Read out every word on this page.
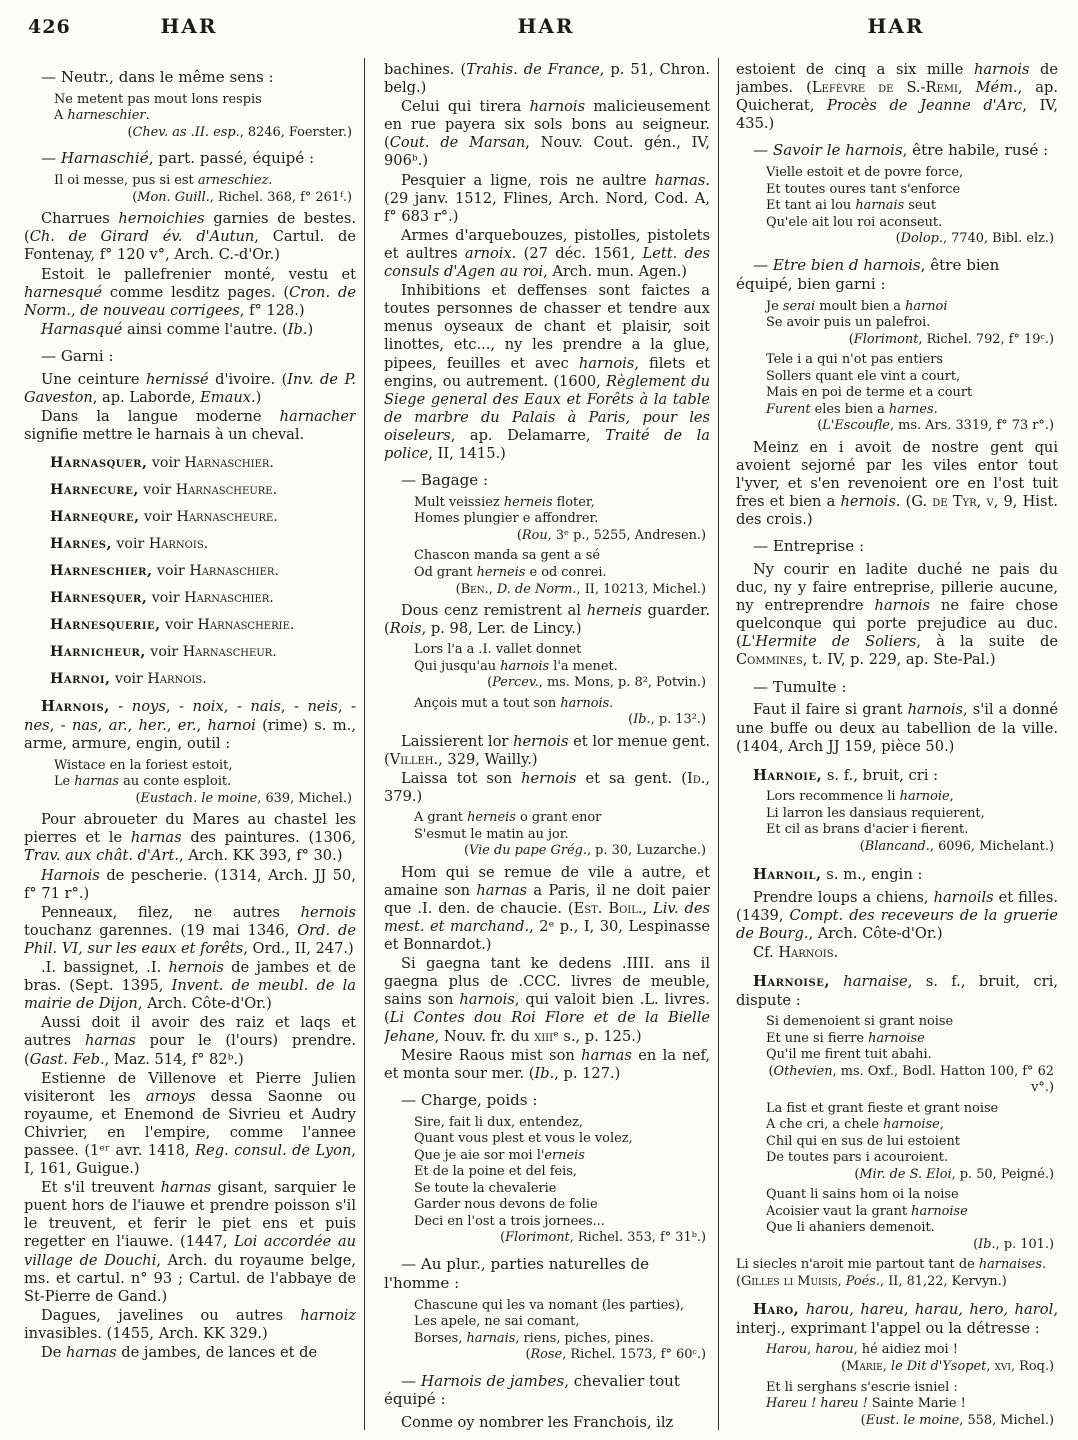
426	HAR	HAR	HAR
— Neutr., dans le même sens :
Ne metent pas mout lons respis
A harneschier.
(Chev. as .II. esp., 8246, Foerster.)
— Harnaschié, part. passé, équipé :
Il oi messe, pus si est arneschiez.
(Mon. Guill., Richel. 368, f° 261ᶠ.)
Charrues hernoichies garnies de bestes. (Ch. de Girard év. d'Autun, Cartul. de Fontenay, f° 120 v°, Arch. C.-d'Or.)
Estoit le pallefrenier monté, vestu et harnesqué comme lesditz pages. (Cron. de Norm., de nouveau corrigees, f° 128.)
Harnasqué ainsi comme l'autre. (Ib.)
— Garni :
Une ceinture hernissé d'ivoire. (Inv. de P. Gaveston, ap. Laborde, Emaux.)
Dans la langue moderne harnacher signifie mettre le harnais à un cheval.
Harnasquer, voir Harnaschier.
Harnecure, voir Harnascheure.
Harnequre, voir Harnascheure.
Harnes, voir Harnois.
Harneschier, voir Harnaschier.
Harnesquer, voir Harnaschier.
Harnesquerie, voir Harnascherie.
Harnicheur, voir Harnascheur.
Harnoi, voir Harnois.
Harnois, - noys, - noix, - nais, - neis, - nes, - nas, ar., her., er., harnoi (rime) s. m., arme, armure, engin, outil :
Wistace en la foriest estoit,
Le harnas au conte esploit.
(Eustach. le moine, 639, Michel.)
Pour abroueter du Mares au chastel les pierres et le harnas des paintures. (1306, Trav. aux chât. d'Art., Arch. KK 393, f° 30.)
Harnois de pescherie. (1314, Arch. JJ 50, f° 71 r°.)
Penneaux, filez, ne autres hernois touchanz garennes. (19 mai 1346, Ord. de Phil. VI, sur les eaux et forêts, Ord., II, 247.)
.I. bassignet, .I. hernois de jambes et de bras. (Sept. 1395, Invent. de meubl. de la mairie de Dijon, Arch. Côte-d'Or.)
Aussi doit il avoir des raiz et laqs et autres harnas pour le (l'ours) prendre. (Gast. Feb., Maz. 514, f° 82ᵇ.)
Estienne de Villenove et Pierre Julien visiteront les arnoys dessa Saonne ou royaume, et Enemond de Sivrieu et Audry Chivrier, en l'empire, comme l'annee passee. (1ᵉʳ avr. 1418, Reg. consul. de Lyon, I, 161, Guigue.)
Et s'il treuvent harnas gisant, sarquier le puent hors de l'iauwe et prendre poisson s'il le treuvent, et ferir le piet ens et puis regetter en l'iauwe. (1447, Loi accordée au village de Douchi, Arch. du royaume belge, ms. et cartul. n° 93 ; Cartul. de l'abbaye de St-Pierre de Gand.)
Dagues, javelines ou autres harnoiz invasibles. (1455, Arch. KK 329.)
De harnas de jambes, de lances et de
bachines. (Trahis. de France, p. 51, Chron. belg.)
Celui qui tirera harnois malicieusement en rue payera six sols bons au seigneur. (Cout. de Marsan, Nouv. Cout. gén., IV, 906ᵇ.)
Pesquier a ligne, rois ne aultre harnas. (29 janv. 1512, Flines, Arch. Nord, Cod. A, f° 683 r°.)
Armes d'arquebouzes, pistolles, pistolets et aultres arnoix. (27 déc. 1561, Lett. des consuls d'Agen au roi, Arch. mun. Agen.)
Inhibitions et deffenses sont faictes a toutes personnes de chasser et tendre aux menus oyseaux de chant et plaisir, soit linottes, etc..., ny les prendre a la glue, pipees, feuilles et avec harnois, filets et engins, ou autrement. (1600, Règlement du Siege general des Eaux et Forêts à la table de marbre du Palais à Paris, pour les oiseleurs, ap. Delamarre, Traité de la police, II, 1415.)
— Bagage :
Mult veissiez herneis floter,
Homes plungier e affondrer.
(Rou, 3ᵉ p., 5255, Andresen.)
Chascon manda sa gent a sé
Od grant herneis e od conrei.
(Ben., D. de Norm., II, 10213, Michel.)
Dous cenz remistrent al herneis guarder. (Rois, p. 98, Ler. de Lincy.)
Lors l'a a .I. vallet donnet
Qui jusqu'au harnois l'a menet.
(Percev., ms. Mons, p. 8², Potvin.)
Ançois mut a tout son harnois.
(Ib., p. 13².)
Laissierent lor hernois et lor menue gent. (Villeh., 329, Wailly.)
Laissa tot son hernois et sa gent. (Id., 379.)
A grant herneis o grant enor
S'esmut le matin au jor.
(Vie du pape Grég., p. 30, Luzarche.)
Hom qui se remue de vile a autre, et amaine son harnas a Paris, il ne doit paier que .I. den. de chaucie. (Est. Boil., Liv. des mest. et marchand., 2ᵉ p., I, 30, Lespinasse et Bonnardot.)
Si gaegna tant ke dedens .IIII. ans il gaegna plus de .CCC. livres de meuble, sains son harnois, qui valoit bien .L. livres. (Li Contes dou Roi Flore et de la Bielle Jehane, Nouv. fr. du xiiiᵉ s., p. 125.)
Mesire Raous mist son harnas en la nef, et monta sour mer. (Ib., p. 127.)
— Charge, poids :
Sire, fait li dux, entendez,
Quant vous plest et vous le volez,
Que je aie sor moi l'erneis
Et de la poine et del feis,
Se toute la chevalerie
Garder nous devons de folie
Deci en l'ost a trois jornees...
(Florimont, Richel. 353, f° 31ᵇ.)
— Au plur., parties naturelles de l'homme :
Chascune qui les va nomant (les parties),
Les apele, ne sai comant,
Borses, harnais, riens, piches, pines.
(Rose, Richel. 1573, f° 60ᶜ.)
— Harnois de jambes, chevalier tout équipé :
Conme oy nombrer les Franchois, ilz
estoient de cinq a six mille harnois de jambes. (Lefèvre de S.-Remi, Mém., ap. Quicherat, Procès de Jeanne d'Arc, IV, 435.)
— Savoir le harnois, être habile, rusé :
Vielle estoit et de povre force,
Et toutes oures tant s'enforce
Et tant ai lou harnais seut
Qu'ele ait lou roi aconseut.
(Dolop., 7740, Bibl. elz.)
— Etre bien d harnois, être bien équipé, bien garni :
Je serai moult bien a harnoi
Se avoir puis un palefroi.
(Florimont, Richel. 792, f° 19ᶜ.)
Tele i a qui n'ot pas entiers
Sollers quant ele vint a court,
Mais en poi de terme et a court
Furent eles bien a harnes.
(L'Escoufle, ms. Ars. 3319, f° 73 r°.)
Meinz en i avoit de nostre gent qui avoient sejorné par les viles entor tout l'yver, et s'en revenoient ore en l'ost tuit fres et bien a hernois. (G. de Tyr, v, 9, Hist. des crois.)
— Entreprise :
Ny courir en ladite duché ne pais du duc, ny y faire entreprise, pillerie aucune, ny entreprendre harnois ne faire chose quelconque qui porte prejudice au duc. (L'Hermite de Soliers, à la suite de Commines, t. IV, p. 229, ap. Ste-Pal.)
— Tumulte :
Faut il faire si grant harnois, s'il a donné une buffe ou deux au tabellion de la ville. (1404, Arch JJ 159, pièce 50.)
Harnoie, s. f., bruit, cri :
Lors recommence li harnoie,
Li larron les dansiaus requierent,
Et cil as brans d'acier i fierent.
(Blancand., 6096, Michelant.)
Harnoil, s. m., engin :
Prendre loups a chiens, harnoils et filles. (1439, Compt. des receveurs de la gruerie de Bourg., Arch. Côte-d'Or.)
Cf. Harnois.
Harnoise, harnaise, s. f., bruit, cri, dispute :
Si demenoient si grant noise
Et une si fierre harnoise
Qu'il me firent tuit abahi.
(Othevien, ms. Oxf., Bodl. Hatton 100, f° 62 v°.)
La fist et grant fieste et grant noise
A che cri, a chele harnoise,
Chil qui en sus de lui estoient
De toutes pars i acouroient.
(Mir. de S. Eloi, p. 50, Peigné.)
Quant li sains hom oi la noise
Acoisier vaut la grant harnoise
Que li ahaniers demenoit.
(Ib., p. 101.)
Li siecles n'aroit mie partout tant de harnaises.
(Gilles li Muisis, Poés., II, 81,22, Kervyn.)
Haro, harou, hareu, harau, hero, harol, interj., exprimant l'appel ou la détresse :
Harou, harou, hé aidiez moi !
(Marie, le Dit d'Ysopet, xvi, Roq.)
Et li serghans s'escrie isniel :
Hareu ! hareu ! Sainte Marie !
(Eust. le moine, 558, Michel.)
